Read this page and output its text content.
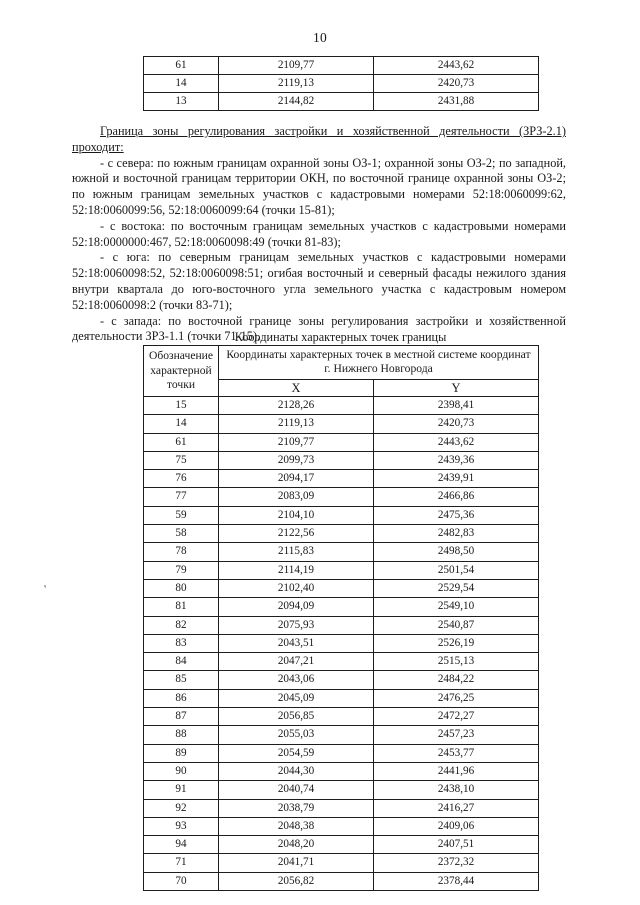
10
61	2109,77	2443,62
14	2119,13	2420,73
13	2144,82	2431,88

Граница зоны регулирования застройки и хозяйственной деятельности (ЗРЗ-2.1) проходит:

- с севера: по южным границам охранной зоны ОЗ-1; охранной зоны ОЗ-2; по западной, южной и восточной границам территории ОКН, по восточной границе охранной зоны ОЗ-2; по южным границам земельных участков с кадастровыми номерами 52:18:0060099:62, 52:18:0060099:56, 52:18:0060099:64 (точки 15-81);

- с востока: по восточным границам земельных участков с кадастровыми номерами 52:18:0000000:467, 52:18:0060098:49 (точки 81-83);

- с юга: по северным границам земельных участков с кадастровыми номерами 52:18:0060098:52, 52:18:0060098:51; огибая восточный и северный фасады нежилого здания внутри квартала до юго-восточного угла земельного участка с кадастровым номером 52:18:0060098:2 (точки 83-71);

- с запада: по восточной границе зоны регулирования застройки и хозяйственной деятельности ЗРЗ-1.1 (точки 71-15).

Координаты характерных точек границы
Обозначение характерной точки	Координаты характерных точек в местной системе координат г. Нижнего Новгорода	
	X	Y
15	2128,26	2398,41
14	2119,13	2420,73
61	2109,77	2443,62
75	2099,73	2439,36
76	2094,17	2439,91
77	2083,09	2466,86
59	2104,10	2475,36
58	2122,56	2482,83
78	2115,83	2498,50
79	2114,19	2501,54
80	2102,40	2529,54
81	2094,09	2549,10
82	2075,93	2540,87
83	2043,51	2526,19
84	2047,21	2515,13
85	2043,06	2484,22
86	2045,09	2476,25
87	2056,85	2472,27
88	2055,03	2457,23
89	2054,59	2453,77
90	2044,30	2441,96
91	2040,74	2438,10
92	2038,79	2416,27
93	2048,38	2409,06
94	2048,20	2407,51
71	2041,71	2372,32
70	2056,82	2378,44
